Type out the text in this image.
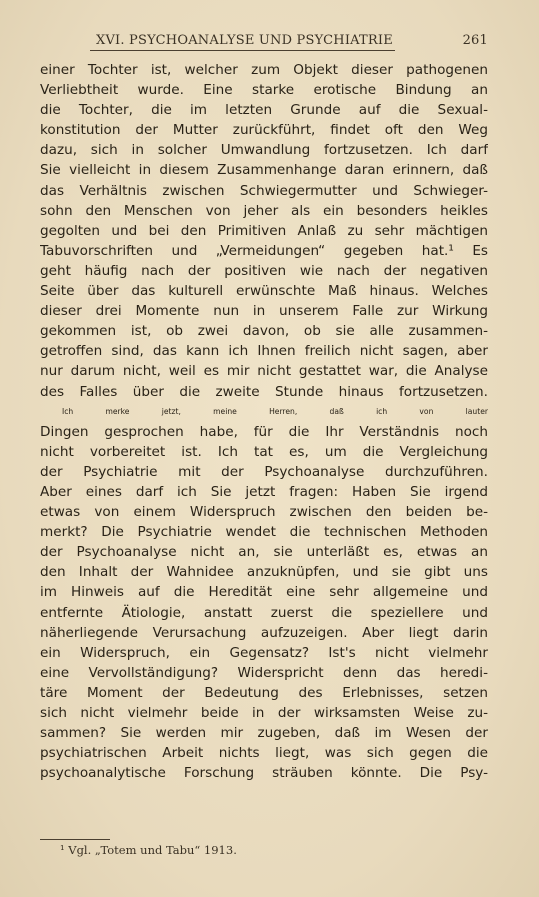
XVI. PSYCHOANALYSE UND PSYCHIATRIE	261
einer Tochter ist, welcher zum Objekt dieser pathogenen
Verliebtheit wurde. Eine starke erotische Bindung an
die Tochter, die im letzten Grunde auf die Sexual-
konstitution der Mutter zurückführt, findet oft den Weg
dazu, sich in solcher Umwandlung fortzusetzen. Ich darf
Sie vielleicht in diesem Zusammenhange daran erinnern, daß
das Verhältnis zwischen Schwiegermutter und Schwieger-
sohn den Menschen von jeher als ein besonders heikles
gegolten und bei den Primitiven Anlaß zu sehr mächtigen
Tabuvorschriften und „Vermeidungen“ gegeben hat.¹ Es
geht häufig nach der positiven wie nach der negativen
Seite über das kulturell erwünschte Maß hinaus. Welches
dieser drei Momente nun in unserem Falle zur Wirkung
gekommen ist, ob zwei davon, ob sie alle zusammen-
getroffen sind, das kann ich Ihnen freilich nicht sagen, aber
nur darum nicht, weil es mir nicht gestattet war, die Analyse
des Falles über die zweite Stunde hinaus fortzusetzen.
Ich merke jetzt, meine Herren, daß ich von lauter
Dingen gesprochen habe, für die Ihr Verständnis noch
nicht vorbereitet ist. Ich tat es, um die Vergleichung
der Psychiatrie mit der Psychoanalyse durchzuführen.
Aber eines darf ich Sie jetzt fragen: Haben Sie irgend
etwas von einem Widerspruch zwischen den beiden be-
merkt? Die Psychiatrie wendet die technischen Methoden
der Psychoanalyse nicht an, sie unterläßt es, etwas an
den Inhalt der Wahnidee anzuknüpfen, und sie gibt uns
im Hinweis auf die Heredität eine sehr allgemeine und
entfernte Ätiologie, anstatt zuerst die speziellere und
näherliegende Verursachung aufzuzeigen. Aber liegt darin
ein Widerspruch, ein Gegensatz? Ist's nicht vielmehr
eine Vervollständigung? Widerspricht denn das heredi-
täre Moment der Bedeutung des Erlebnisses, setzen
sich nicht vielmehr beide in der wirksamsten Weise zu-
sammen? Sie werden mir zugeben, daß im Wesen der
psychiatrischen Arbeit nichts liegt, was sich gegen die
psychoanalytische Forschung sträuben könnte. Die Psy-
¹ Vgl. „Totem und Tabu“ 1913.
